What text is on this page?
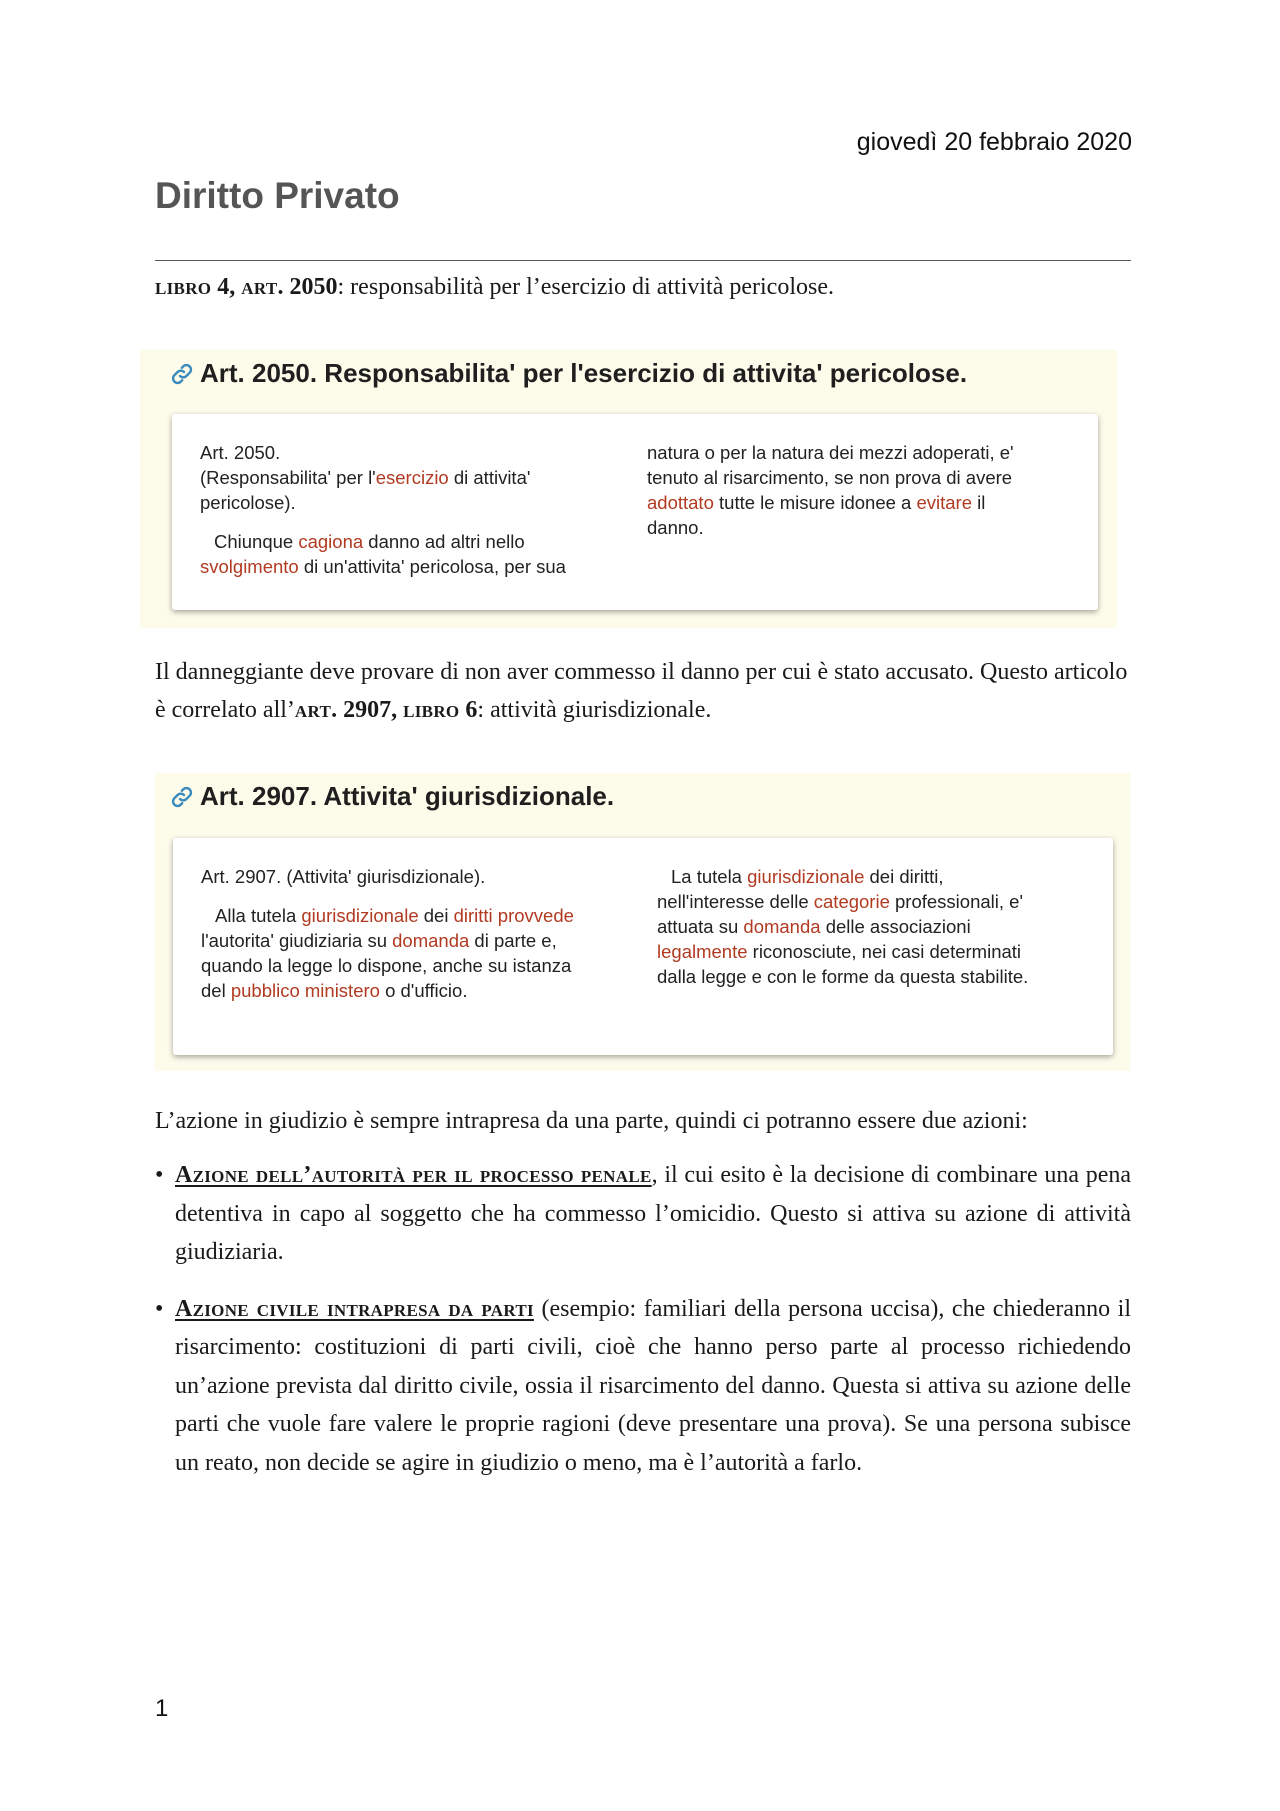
giovedì 20 febbraio 2020
Diritto Privato

libro 4, art. 2050: responsabilità per l’esercizio di attività pericolose.

Art. 2050. Responsabilita' per l'esercizio di attivita' pericolose.

Art. 2050.

(Responsabilita' per l'esercizio di attivita'

pericolose).

Chiunque cagiona danno ad altri nello

svolgimento di un'attivita' pericolosa, per sua

natura o per la natura dei mezzi adoperati, e'

tenuto al risarcimento, se non prova di avere

adottato tutte le misure idonee a evitare il

danno.

Il danneggiante deve provare di non aver commesso il danno per cui è stato accusato. Questo articolo è correlato all’art. 2907, libro 6: attività giurisdizionale.

Art. 2907. Attivita' giurisdizionale.

Art. 2907. (Attivita' giurisdizionale).

Alla tutela giurisdizionale dei diritti provvede

l'autorita' giudiziaria su domanda di parte e,

quando la legge lo dispone, anche su istanza

del pubblico ministero o d'ufficio.

La tutela giurisdizionale dei diritti,

nell'interesse delle categorie professionali, e'

attuata su domanda delle associazioni

legalmente riconosciute, nei casi determinati

dalla legge e con le forme da questa stabilite.

L’azione in giudizio è sempre intrapresa da una parte, quindi ci potranno essere due azioni:

• Azione dell’autorità per il processo penale, il cui esito è la decisione di combinare una pena detentiva in capo al soggetto che ha commesso l’omicidio. Questo si attiva su azione di attività giudiziaria.
• Azione civile intrapresa da parti (esempio: familiari della persona uccisa), che chiederanno il risarcimento: costituzioni di parti civili, cioè che hanno perso parte al processo richiedendo un’azione prevista dal diritto civile, ossia il risarcimento del danno. Questa si attiva su azione delle parti che vuole fare valere le proprie ragioni (deve presentare una prova). Se una persona subisce un reato, non decide se agire in giudizio o meno, ma è l’autorità a farlo.
1
